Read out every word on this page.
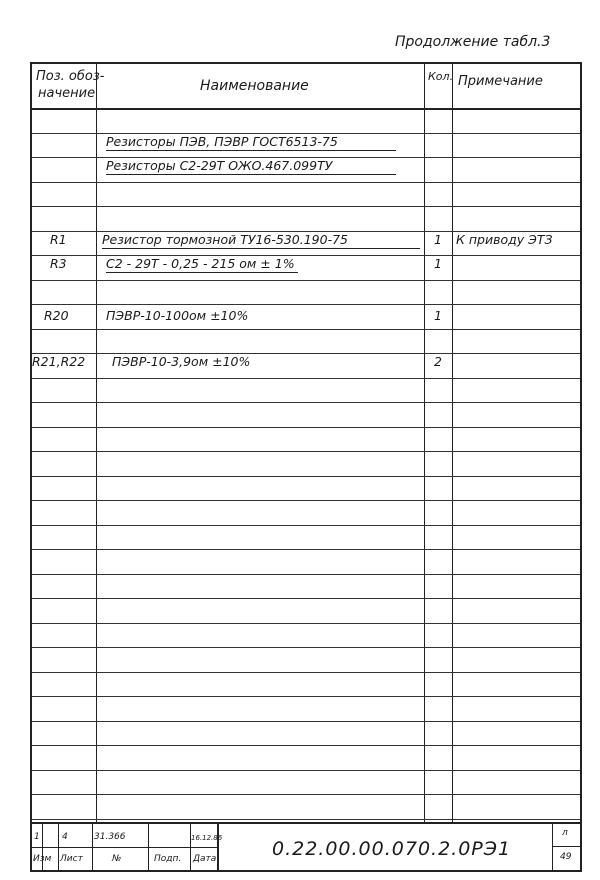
Продолжение табл.3
Поз. обоз-
начение	Наименование
Кол. Примечание
Резисторы ПЭВ, ПЭВР ГОСТ6513-75
Резисторы С2-29Т ОЖО.467.099ТУ
R1	Резистор тормозной ТУ16-530.190-75	1 К приводу ЭТЗ
R3	С2 - 29Т - 0,25 - 215 ом ± 1%	1
R20	ПЭВР-10-100ом ±10%	1
R21,R22 ПЭВР-10-3,9ом ±10%	2
1 4	31.366	16.12.86
Изм Лист	№	Подп. Дата	0.22.00.00.070.2.0РЭ1
л
49
